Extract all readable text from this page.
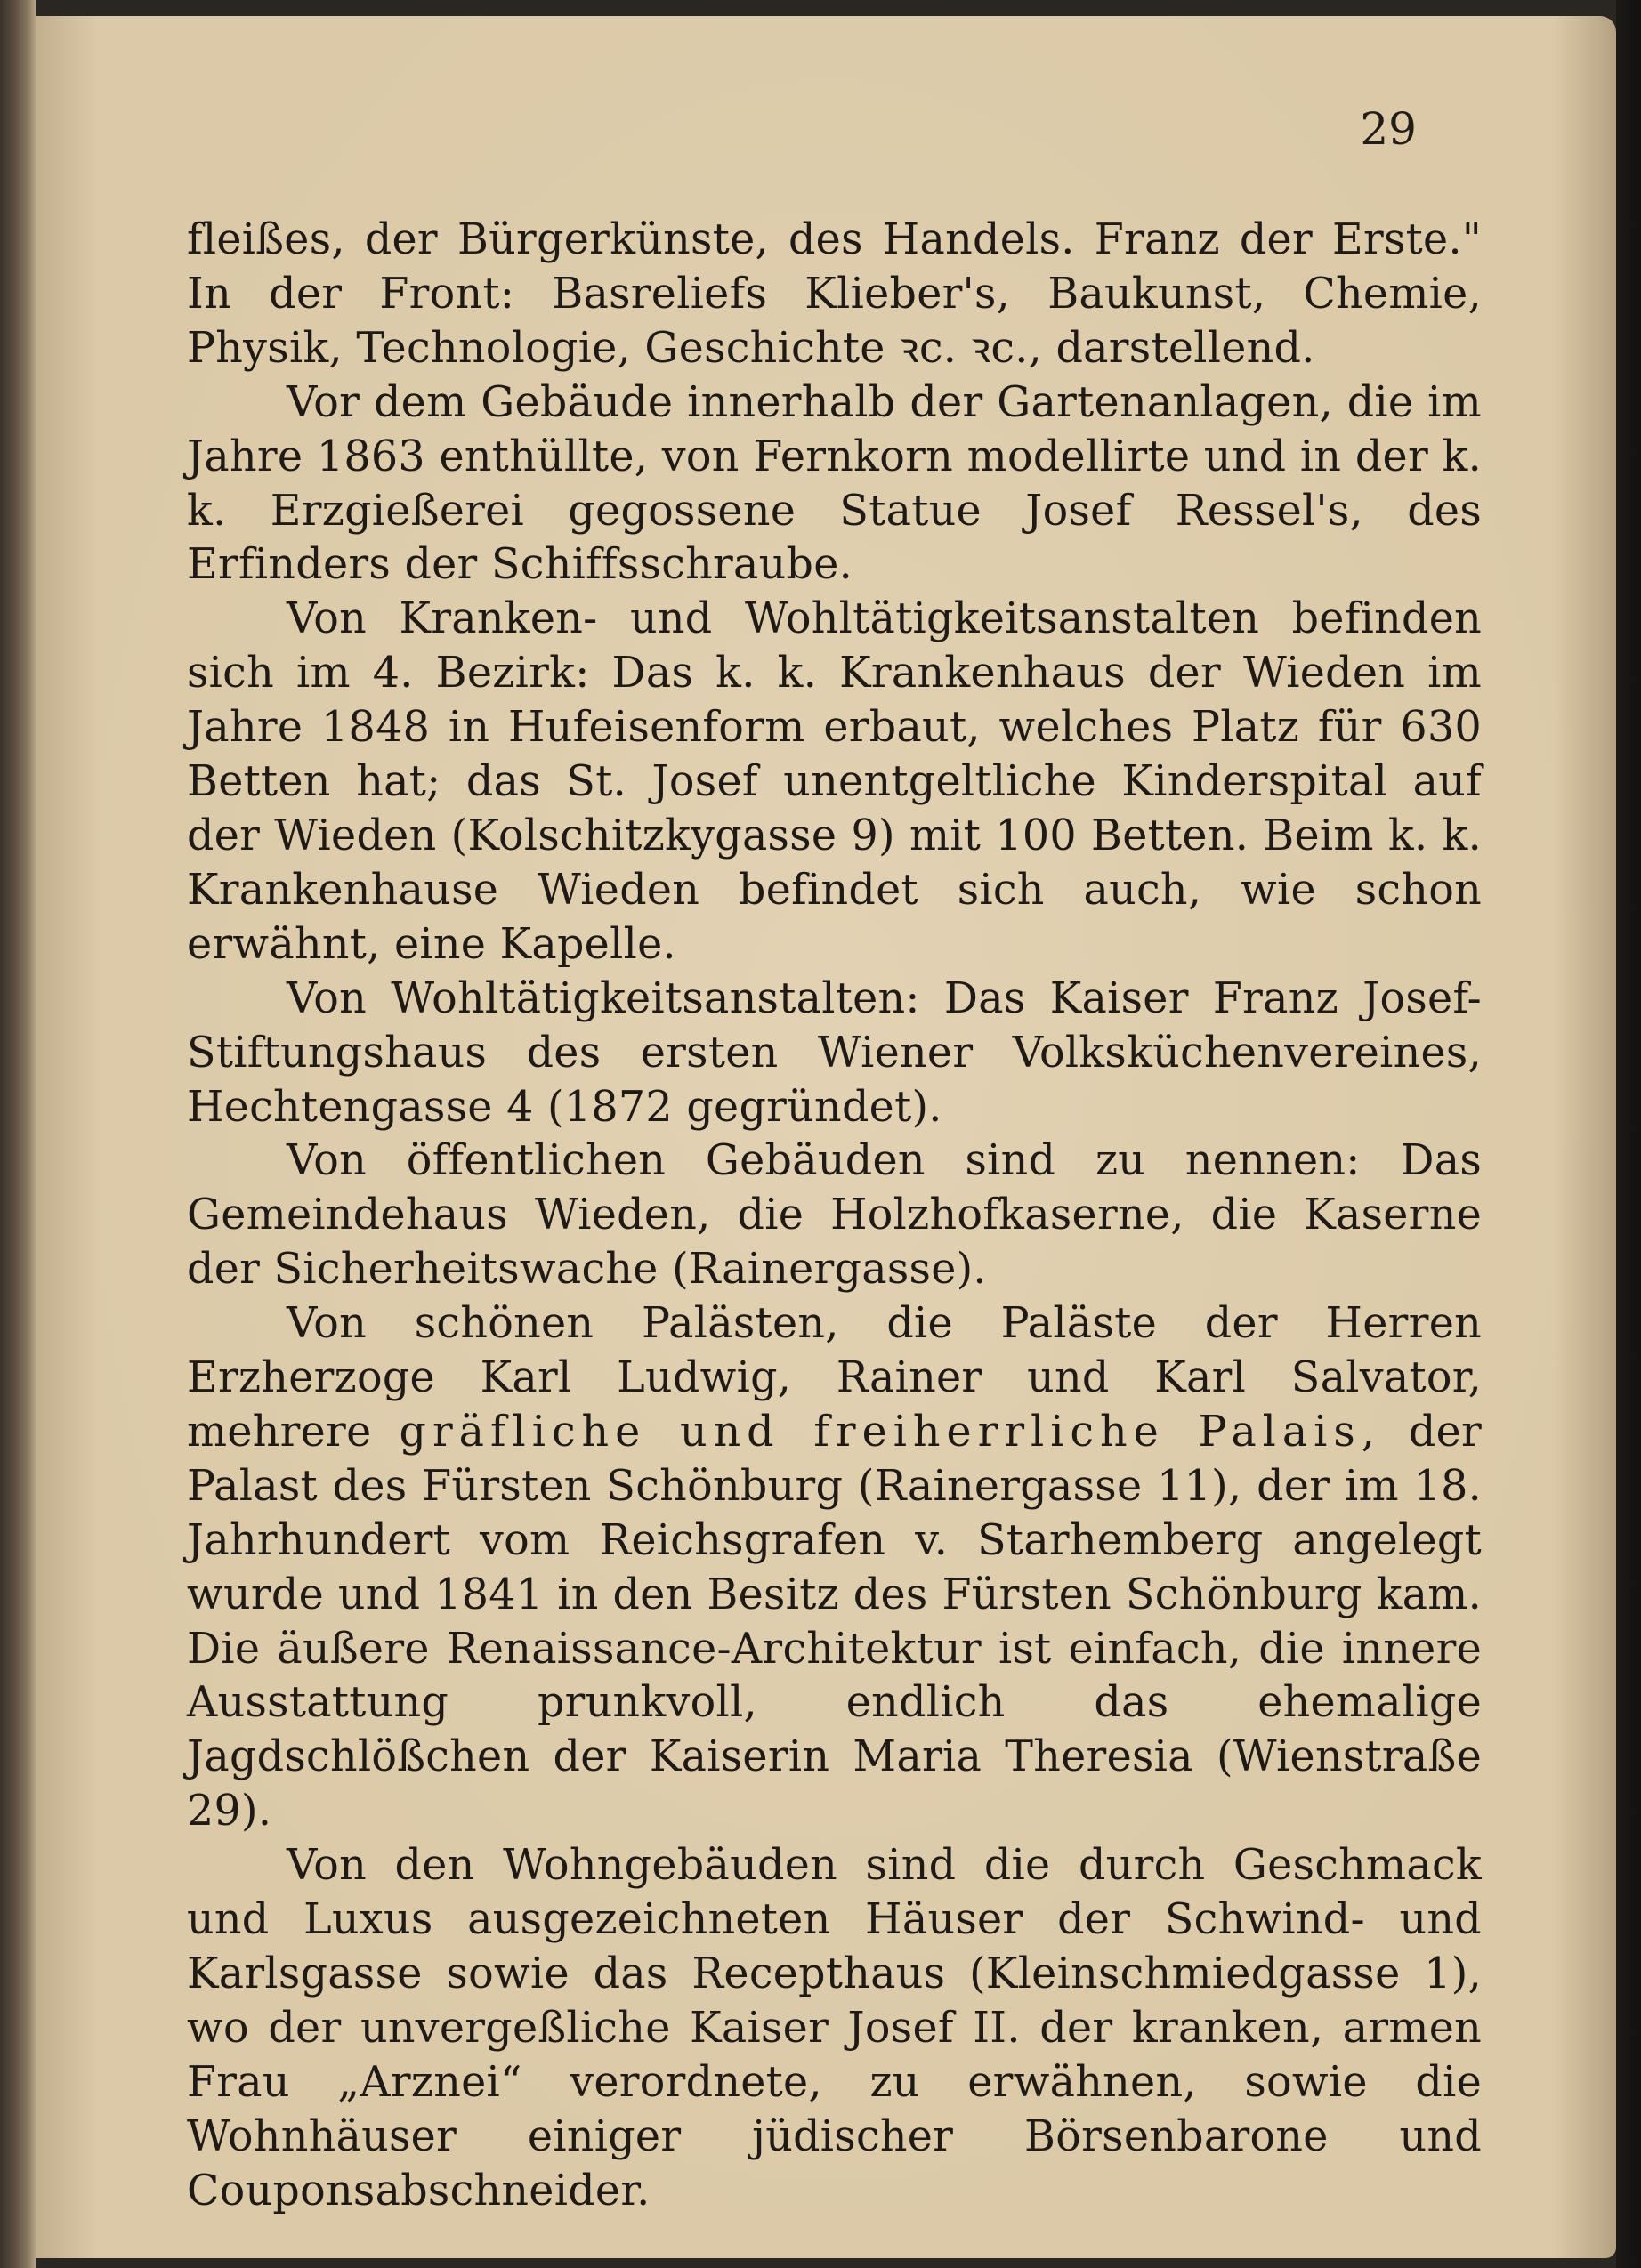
29

fleißes, der Bürgerkünste, des Handels. Franz der Erste." In der Front: Basreliefs Klieber's, Baukunst, Chemie, Physik, Technologie, Geschichte ꝛc. ꝛc., darstellend.

Vor dem Gebäude innerhalb der Gartenanlagen, die im Jahre 1863 enthüllte, von Fernkorn modellirte und in der k. k. Erzgießerei gegossene Statue Josef Ressel's, des Erfinders der Schiffsschraube.

Von Kranken- und Wohltätigkeitsanstalten befinden sich im 4. Bezirk: Das k. k. Krankenhaus der Wieden im Jahre 1848 in Hufeisenform erbaut, welches Platz für 630 Betten hat; das St. Josef unentgeltliche Kinderspital auf der Wieden (Kolschitzkygasse 9) mit 100 Betten. Beim k. k. Krankenhause Wieden befindet sich auch, wie schon erwähnt, eine Kapelle.

Von Wohltätigkeitsanstalten: Das Kaiser Franz Josef-Stiftungshaus des ersten Wiener Volksküchenvereines, Hechtengasse 4 (1872 gegründet).

Von öffentlichen Gebäuden sind zu nennen: Das Gemeindehaus Wieden, die Holzhofkaserne, die Kaserne der Sicherheitswache (Rainergasse).

Von schönen Palästen, die Paläste der Herren Erzherzoge Karl Ludwig, Rainer und Karl Salvator, mehrere gräfliche und freiherrliche Palais, der Palast des Fürsten Schönburg (Rainergasse 11), der im 18. Jahrhundert vom Reichsgrafen v. Starhemberg angelegt wurde und 1841 in den Besitz des Fürsten Schönburg kam. Die äußere Renaissance-Architektur ist einfach, die innere Ausstattung prunkvoll, endlich das ehemalige Jagdschlößchen der Kaiserin Maria Theresia (Wienstraße 29).

Von den Wohngebäuden sind die durch Geschmack und Luxus ausgezeichneten Häuser der Schwind- und Karlsgasse sowie das Recepthaus (Kleinschmiedgasse 1), wo der unvergeßliche Kaiser Josef II. der kranken, armen Frau „Arznei“ verordnete, zu erwähnen, sowie die Wohnhäuser einiger jüdischer Börsenbarone und Couponsabschneider.
